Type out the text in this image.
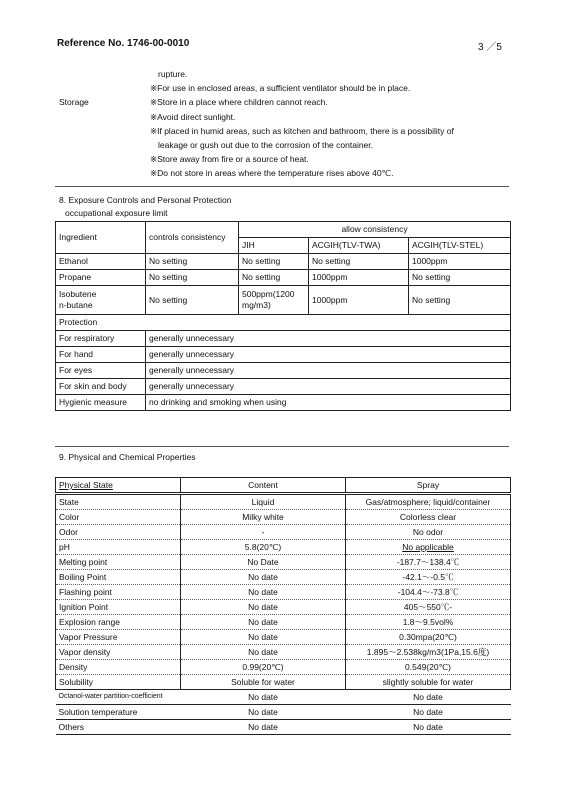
Reference No. 1746-00-0010	3 ／5
Storage
rupture.
※For use in enclosed areas, a sufficient ventilator should be in place.
※Store in a place where children cannot reach.
※Avoid direct sunlight.
※If placed in humid areas, such as kitchen and bathroom, there is a possibility of
leakage or gush out due to the corrosion of the container.
※Store away from fire or a source of heat.
※Do not store in areas where the temperature rises above 40℃.
8. Exposure Controls and Personal Protection
occupational exposure limit
Ingredient	controls consistency	allow consistency		
		JIH	ACGIH(TLV-TWA)	ACGIH(TLV-STEL)
Ethanol	No setting	No setting	No setting	1000ppm
Propane	No setting	No setting	1000ppm	No setting
Isobutene
n-butane	No setting	500ppm(1200
mg/m3)	1000ppm	No setting
Protection				
For respiratory	generally unnecessary			
For hand	generally unnecessary			
For eyes	generally unnecessary			
For skin and body	generally unnecessary			
Hygienic measure	no drinking and smoking when using			
9. Physical and Chemical Properties
Physical State	Content	Spray
State	Liquid	Gas/atmosphere; liquid/container
Color	Milky white	Colorless clear
Odor	-	No odor
pH	5.8(20℃)	No applicable
Melting point	No Date	-187.7～138.4℃
Boiling Point	No date	-42.1～-0.5℃
Flashing point	No date	-104.4～-73.8℃
Ignition Point	No date	405～550℃-
Explosion range	No date	1.8～9.5vol%
Vapor Pressure	No date	0.30mpa(20℃)
Vapor density	No date	1.895～2.538kg/m3(1Pa,15.6度)
Density	0.99(20℃)	0.549(20℃)
Solubility	Soluble for water	slightly soluble for water
Octanol-water partition-coefficient	No date	No date
Solution temperature	No date	No date
Others	No date	No date
